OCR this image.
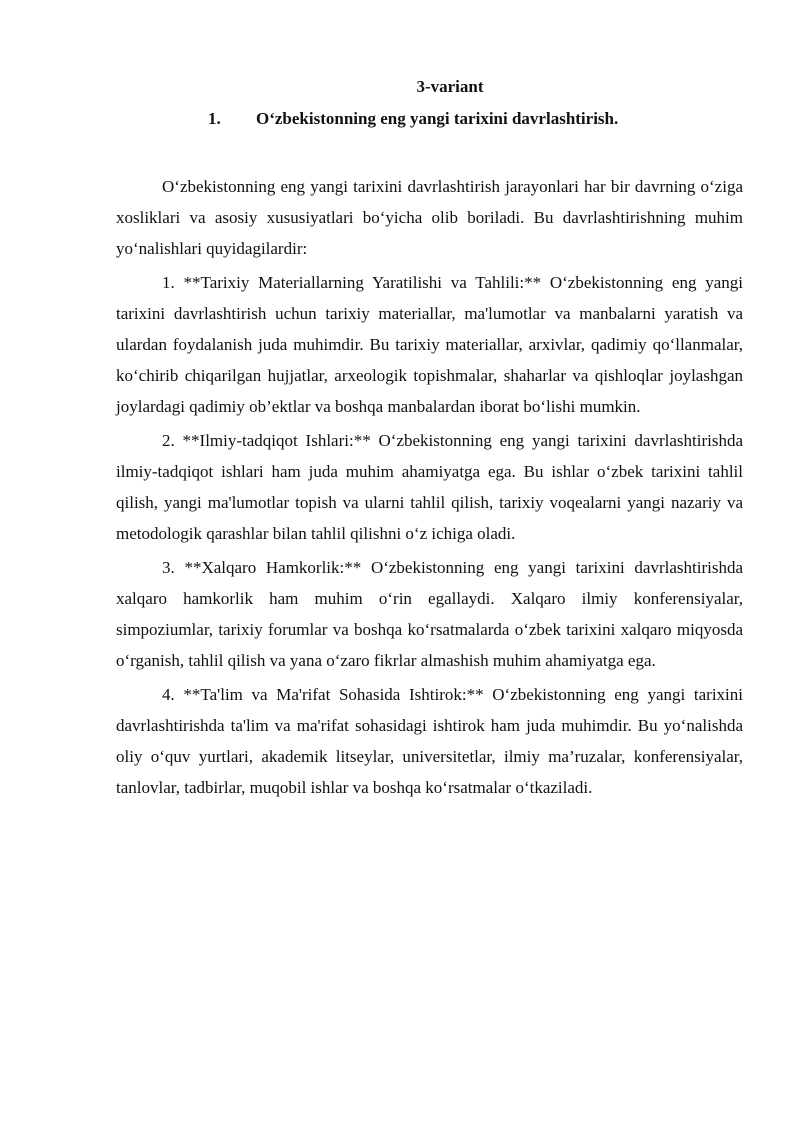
3-variant
1. O‘zbekistonning eng yangi tarixini davrlashtirish.

O‘zbekistonning eng yangi tarixini davrlashtirish jarayonlari har bir davrning o‘ziga xosliklari va asosiy xususiyatlari bo‘yicha olib boriladi. Bu davrlashtirishning muhim yo‘nalishlari quyidagilardir:

1. **Tarixiy Materiallarning Yaratilishi va Tahlili:** O‘zbekistonning eng yangi tarixini davrlashtirish uchun tarixiy materiallar, ma'lumotlar va manbalarni yaratish va ulardan foydalanish juda muhimdir. Bu tarixiy materiallar, arxivlar, qadimiy qo‘llanmalar, ko‘chirib chiqarilgan hujjatlar, arxeologik topishmalar, shaharlar va qishloqlar joylashgan joylardagi qadimiy ob’ektlar va boshqa manbalardan iborat bo‘lishi mumkin.

2. **Ilmiy-tadqiqot Ishlari:** O‘zbekistonning eng yangi tarixini davrlashtirishda ilmiy-tadqiqot ishlari ham juda muhim ahamiyatga ega. Bu ishlar o‘zbek tarixini tahlil qilish, yangi ma'lumotlar topish va ularni tahlil qilish, tarixiy voqealarni yangi nazariy va metodologik qarashlar bilan tahlil qilishni o‘z ichiga oladi.

3. **Xalqaro Hamkorlik:** O‘zbekistonning eng yangi tarixini davrlashtirishda xalqaro hamkorlik ham muhim o‘rin egallaydi. Xalqaro ilmiy konferensiyalar, simpoziumlar, tarixiy forumlar va boshqa ko‘rsatmalarda o‘zbek tarixini xalqaro miqyosda o‘rganish, tahlil qilish va yana o‘zaro fikrlar almashish muhim ahamiyatga ega.

4. **Ta'lim va Ma'rifat Sohasida Ishtirok:** O‘zbekistonning eng yangi tarixini davrlashtirishda ta'lim va ma'rifat sohasidagi ishtirok ham juda muhimdir. Bu yo‘nalishda oliy o‘quv yurtlari, akademik litseylar, universitetlar, ilmiy ma’ruzalar, konferensiyalar, tanlovlar, tadbirlar, muqobil ishlar va boshqa ko‘rsatmalar o‘tkaziladi.
